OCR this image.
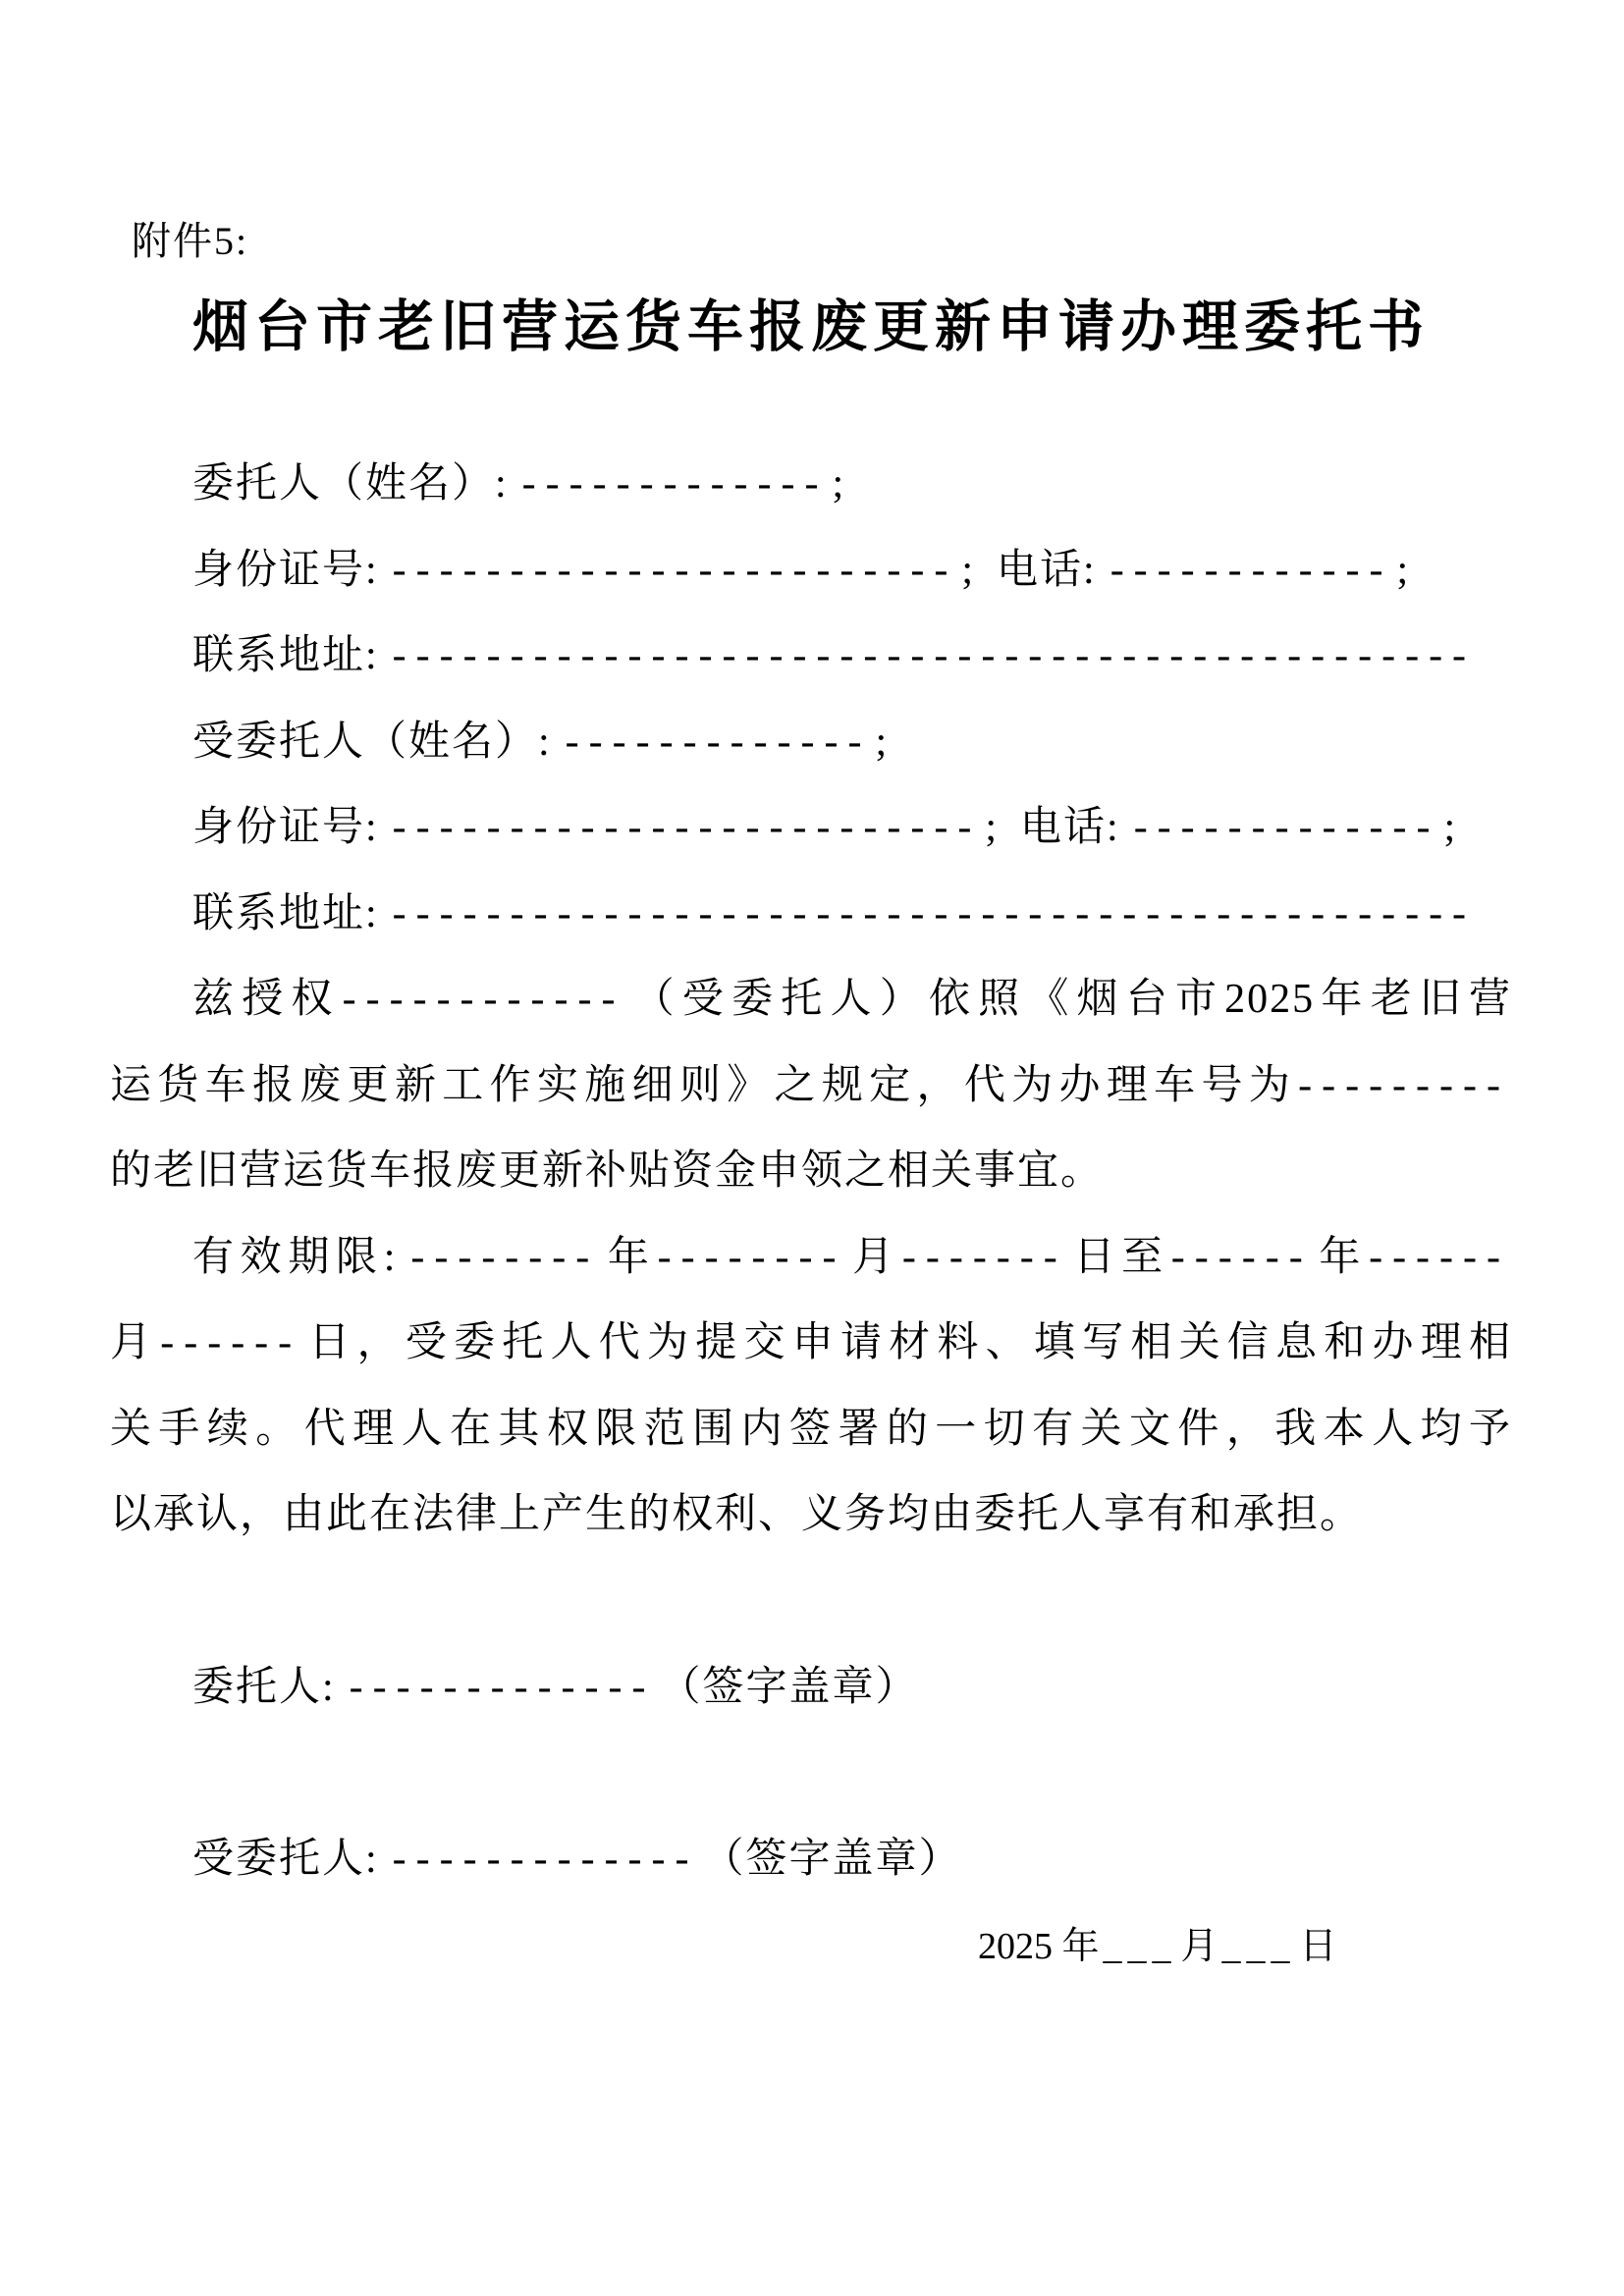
附件5:
烟台市老旧营运货车报废更新申请办理委托书
委托人（姓名）: -------------;
身份证号: ------------------------; 电话: ------------;
联系地址: ----------------------------------------------
受委托人（姓名）: -------------;
身份证号: -------------------------; 电话: -------------;
联系地址: ----------------------------------------------
兹授权------------（受委托人）依照《烟台市2025年老旧营
运货车报废更新工作实施细则》之规定，代为办理车号为---------
的老旧营运货车报废更新补贴资金申领之相关事宜。
有效期限: --------年--------月-------日至------年------
月------日，受委托人代为提交申请材料、填写相关信息和办理相
关手续。代理人在其权限范围内签署的一切有关文件，我本人均予
以承认，由此在法律上产生的权利、义务均由委托人享有和承担。
委托人: -------------（签字盖章）
受委托人: -------------（签字盖章）
2025 年 ___ 月 ___ 日
